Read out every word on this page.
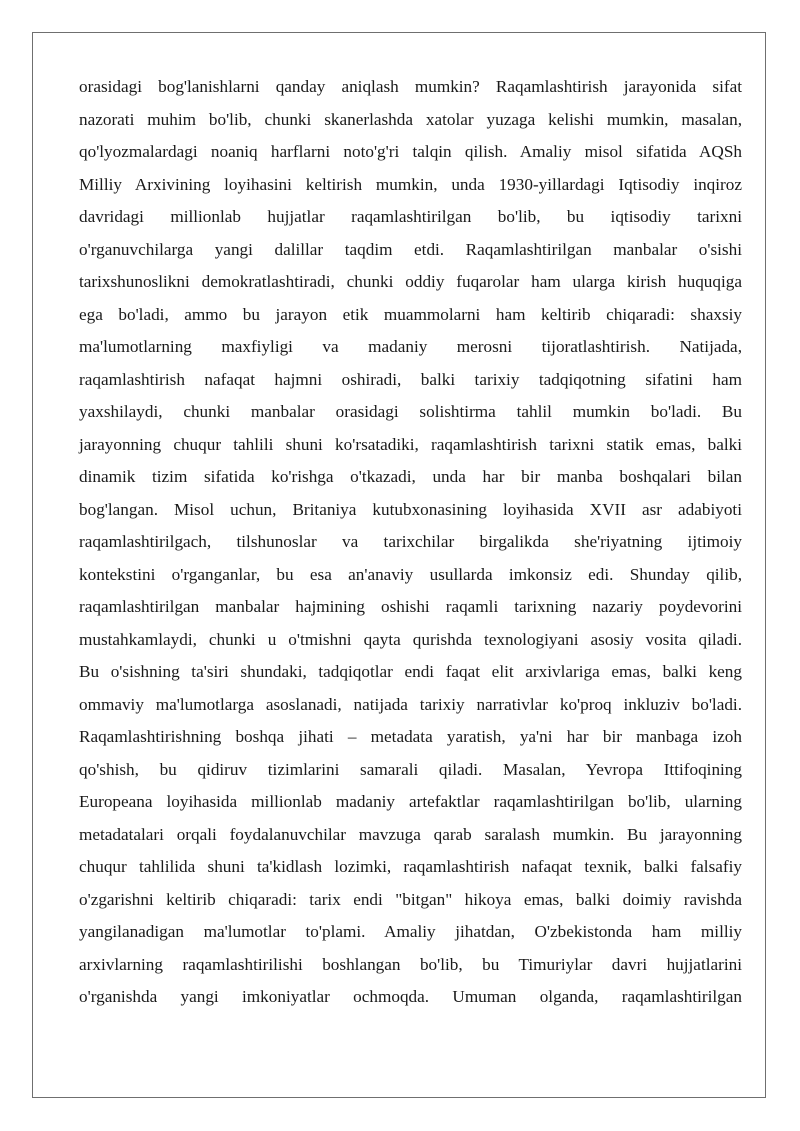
orasidagi bog'lanishlarni qanday aniqlash mumkin? Raqamlashtirish jarayonida sifat
nazorati muhim bo'lib, chunki skanerlashda xatolar yuzaga kelishi mumkin, masalan,
qo'lyozmalardagi noaniq harflarni noto'g'ri talqin qilish. Amaliy misol sifatida AQSh
Milliy Arxivining loyihasini keltirish mumkin, unda 1930-yillardagi Iqtisodiy inqiroz
davridagi millionlab hujjatlar raqamlashtirilgan bo'lib, bu iqtisodiy tarixni
o'rganuvchilarga yangi dalillar taqdim etdi. Raqamlashtirilgan manbalar o'sishi
tarixshunoslikni demokratlashtiradi, chunki oddiy fuqarolar ham ularga kirish huquqiga
ega bo'ladi, ammo bu jarayon etik muammolarni ham keltirib chiqaradi: shaxsiy
ma'lumotlarning maxfiyligi va madaniy merosni tijoratlashtirish. Natijada,
raqamlashtirish nafaqat hajmni oshiradi, balki tarixiy tadqiqotning sifatini ham
yaxshilaydi, chunki manbalar orasidagi solishtirma tahlil mumkin bo'ladi. Bu
jarayonning chuqur tahlili shuni ko'rsatadiki, raqamlashtirish tarixni statik emas, balki
dinamik tizim sifatida ko'rishga o'tkazadi, unda har bir manba boshqalari bilan
bog'langan. Misol uchun, Britaniya kutubxonasining loyihasida XVII asr adabiyoti
raqamlashtirilgach, tilshunoslar va tarixchilar birgalikda she'riyatning ijtimoiy
kontekstini o'rganganlar, bu esa an'anaviy usullarda imkonsiz edi. Shunday qilib,
raqamlashtirilgan manbalar hajmining oshishi raqamli tarixning nazariy poydevorini
mustahkamlaydi, chunki u o'tmishni qayta qurishda texnologiyani asosiy vosita qiladi.
Bu o'sishning ta'siri shundaki, tadqiqotlar endi faqat elit arxivlariga emas, balki keng
ommaviy ma'lumotlarga asoslanadi, natijada tarixiy narrativlar ko'proq inkluziv bo'ladi.
Raqamlashtirishning boshqa jihati – metadata yaratish, ya'ni har bir manbaga izoh
qo'shish, bu qidiruv tizimlarini samarali qiladi. Masalan, Yevropa Ittifoqining
Europeana loyihasida millionlab madaniy artefaktlar raqamlashtirilgan bo'lib, ularning
metadatalari orqali foydalanuvchilar mavzuga qarab saralash mumkin. Bu jarayonning
chuqur tahlilida shuni ta'kidlash lozimki, raqamlashtirish nafaqat texnik, balki falsafiy
o'zgarishni keltirib chiqaradi: tarix endi "bitgan" hikoya emas, balki doimiy ravishda
yangilanadigan ma'lumotlar to'plami. Amaliy jihatdan, O'zbekistonda ham milliy
arxivlarning raqamlashtirilishi boshlangan bo'lib, bu Timuriylar davri hujjatlarini
o'rganishda yangi imkoniyatlar ochmoqda. Umuman olganda, raqamlashtirilgan
